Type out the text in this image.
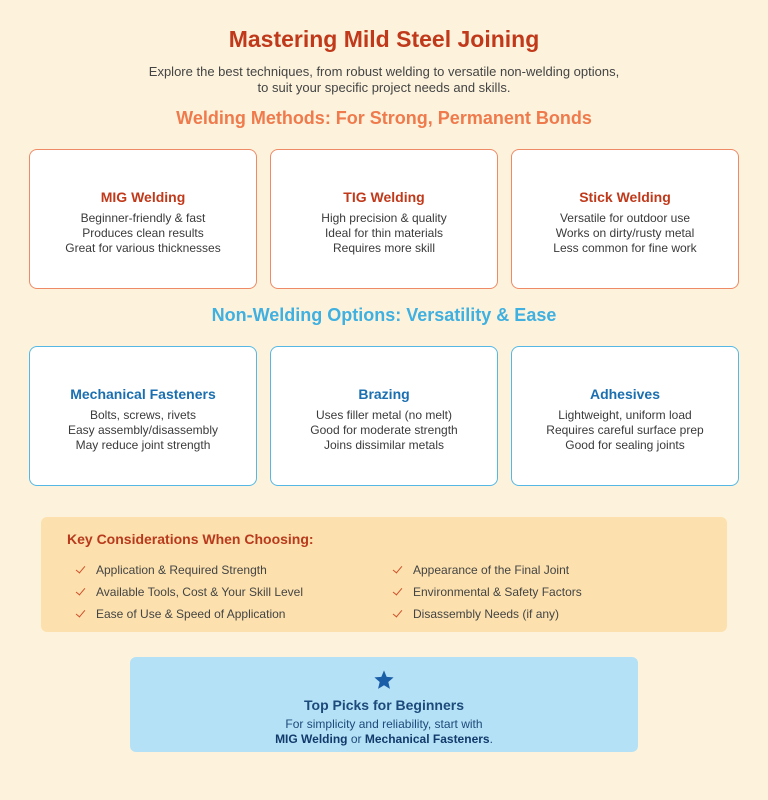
Mastering Mild Steel Joining
Explore the best techniques, from robust welding to versatile non-welding options,
to suit your specific project needs and skills.
Welding Methods: For Strong, Permanent Bonds
MIG Welding
Beginner-friendly & fast
Produces clean results
Great for various thicknesses
TIG Welding
High precision & quality
Ideal for thin materials
Requires more skill
Stick Welding
Versatile for outdoor use
Works on dirty/rusty metal
Less common for fine work
Non-Welding Options: Versatility & Ease
Mechanical Fasteners
Bolts, screws, rivets
Easy assembly/disassembly
May reduce joint strength
Brazing
Uses filler metal (no melt)
Good for moderate strength
Joins dissimilar metals
Adhesives
Lightweight, uniform load
Requires careful surface prep
Good for sealing joints
Key Considerations When Choosing:
Application & Required Strength
Available Tools, Cost & Your Skill Level
Ease of Use & Speed of Application
Appearance of the Final Joint
Environmental & Safety Factors
Disassembly Needs (if any)
Top Picks for Beginners
For simplicity and reliability, start with
MIG Welding or Mechanical Fasteners.
